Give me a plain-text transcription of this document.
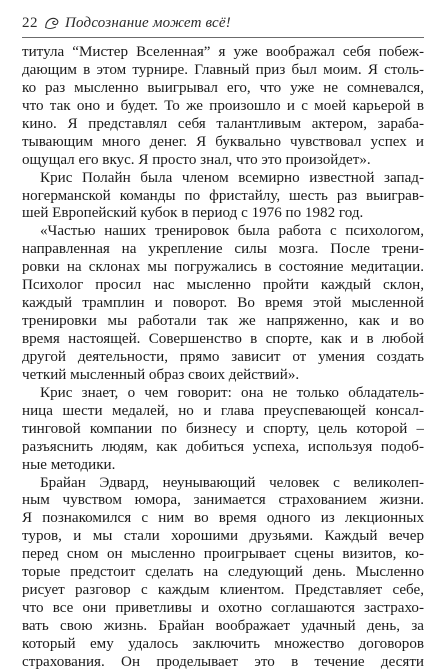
22 Подсознание может всё!
титула “Мистер Вселенная” я уже воображал себя побеж-
дающим в этом турнире. Главный приз был моим. Я столь-
ко раз мысленно выигрывал его, что уже не сомневался,
что так оно и будет. То же произошло и с моей карьерой в
кино. Я представлял себя талантливым актером, зараба-
тывающим много денег. Я буквально чувствовал успех и
ощущал его вкус. Я просто знал, что это произойдет».
Крис Полайн была членом всемирно известной запад-
ногерманской команды по фристайлу, шесть раз выиграв-
шей Европейский кубок в период с 1976 по 1982 год.
«Частью наших тренировок была работа с психологом,
направленная на укрепление силы мозга. После трени-
ровки на склонах мы погружались в состояние медитации.
Психолог просил нас мысленно пройти каждый склон,
каждый трамплин и поворот. Во время этой мысленной
тренировки мы работали так же напряженно, как и во
время настоящей. Совершенство в спорте, как и в любой
другой деятельности, прямо зависит от умения создать
четкий мысленный образ своих действий».
Крис знает, о чем говорит: она не только обладатель-
ница шести медалей, но и глава преуспевающей консал-
тинговой компании по бизнесу и спорту, цель которой –
разъяснить людям, как добиться успеха, используя подоб-
ные методики.
Брайан Эдвард, неунывающий человек с великолеп-
ным чувством юмора, занимается страхованием жизни.
Я познакомился с ним во время одного из лекционных
туров, и мы стали хорошими друзьями. Каждый вечер
перед сном он мысленно проигрывает сцены визитов, ко-
торые предстоит сделать на следующий день. Мысленно
рисует разговор с каждым клиентом. Представляет себе,
что все они приветливы и охотно соглашаются застрахо-
вать свою жизнь. Брайан воображает удачный день, за
который ему удалось заключить множество договоров
страхования. Он проделывает это в течение десяти
